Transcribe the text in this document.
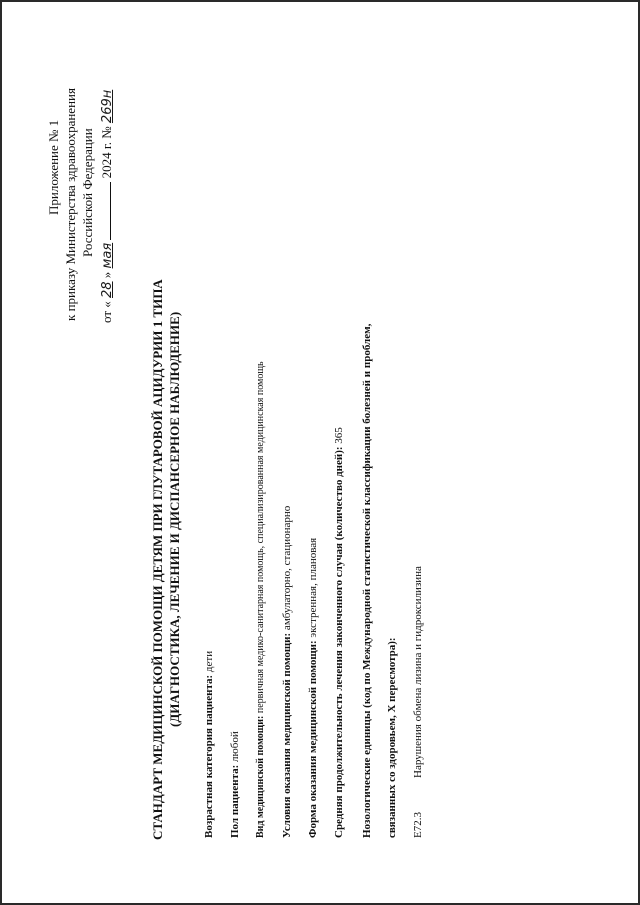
Приложение № 1 к приказу Министерства здравоохранения Российской Федерации
от « 28 » мая  2024 г. № 269н
СТАНДАРТ МЕДИЦИНСКОЙ ПОМОЩИ ДЕТЯМ ПРИ ГЛУТАРОВОЙ АЦИДУРИИ 1 ТИПА (ДИАГНОСТИКА, ЛЕЧЕНИЕ И ДИСПАНСЕРНОЕ НАБЛЮДЕНИЕ)
Возрастная категория пациента: дети
Пол пациента: любой Вид медицинской помощи: первичная медико-санитарная помощь, специализированная медицинская помощь
Условия оказания медицинской помощи: амбулаторно, стационарно
Форма оказания медицинской помощи: экстренная, плановая Средняя продолжительность лечения законченного случая (количество дней): 365 Нозологические единицы (код по Международной статистической классификации болезней и проблем, связанных со здоровьем, X пересмотра): E72.3
Нарушения обмена лизина и гидроксилизина
